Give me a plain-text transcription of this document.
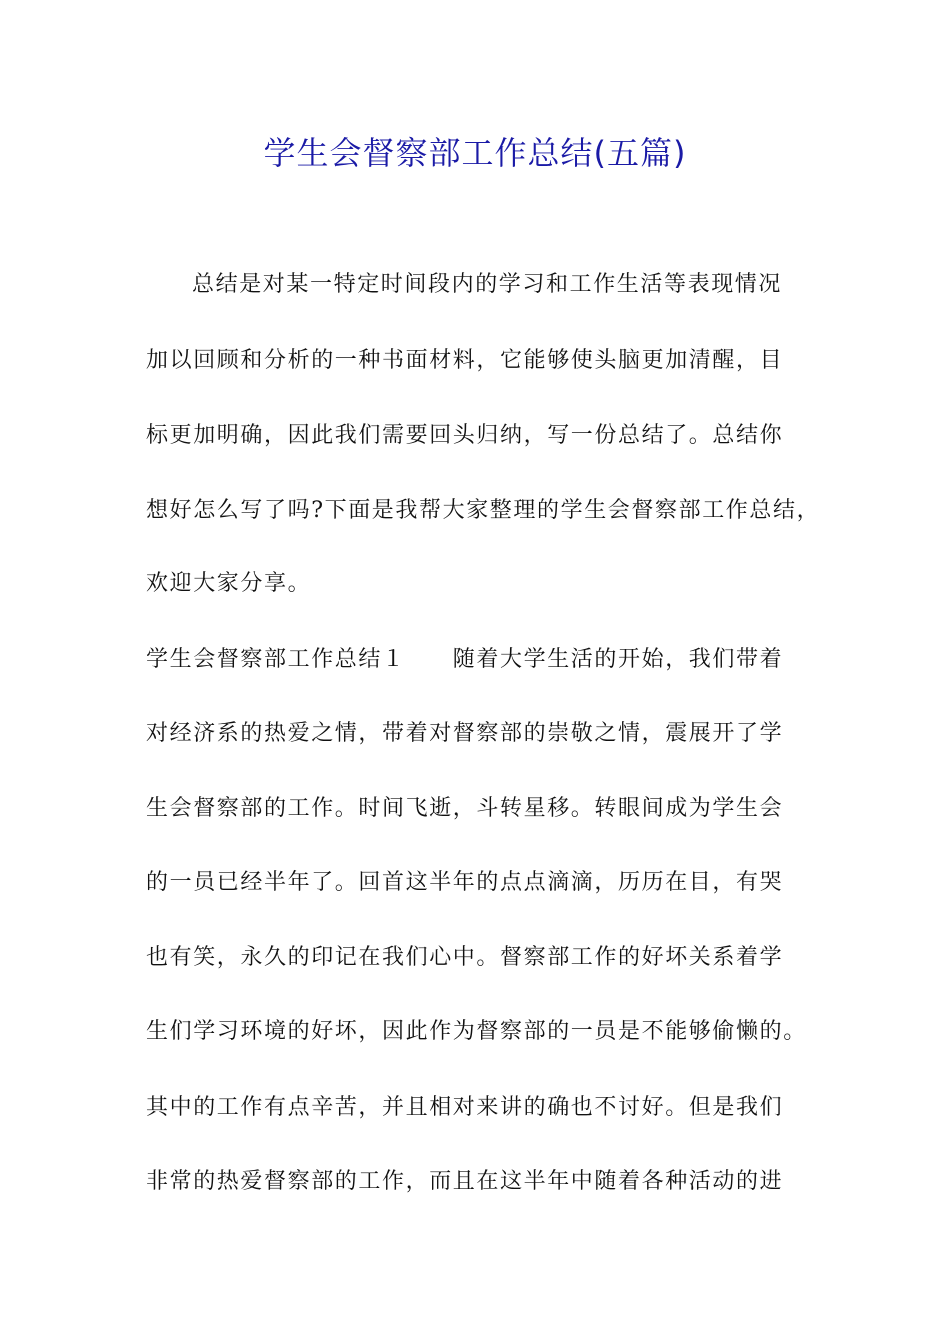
学生会督察部工作总结(五篇)
总结是对某一特定时间段内的学习和工作生活等表现情况
加以回顾和分析的一种书面材料，它能够使头脑更加清醒，目
标更加明确，因此我们需要回头归纳，写一份总结了。总结你
想好怎么写了吗?下面是我帮大家整理的学生会督察部工作总结，
欢迎大家分享。
学生会督察部工作总结１　　随着大学生活的开始，我们带着
对经济系的热爱之情，带着对督察部的崇敬之情，震展开了学
生会督察部的工作。时间飞逝，斗转星移。转眼间成为学生会
的一员已经半年了。回首这半年的点点滴滴，历历在目，有哭
也有笑，永久的印记在我们心中。督察部工作的好坏关系着学
生们学习环境的好坏，因此作为督察部的一员是不能够偷懒的。
其中的工作有点辛苦，并且相对来讲的确也不讨好。但是我们
非常的热爱督察部的工作，而且在这半年中随着各种活动的进
